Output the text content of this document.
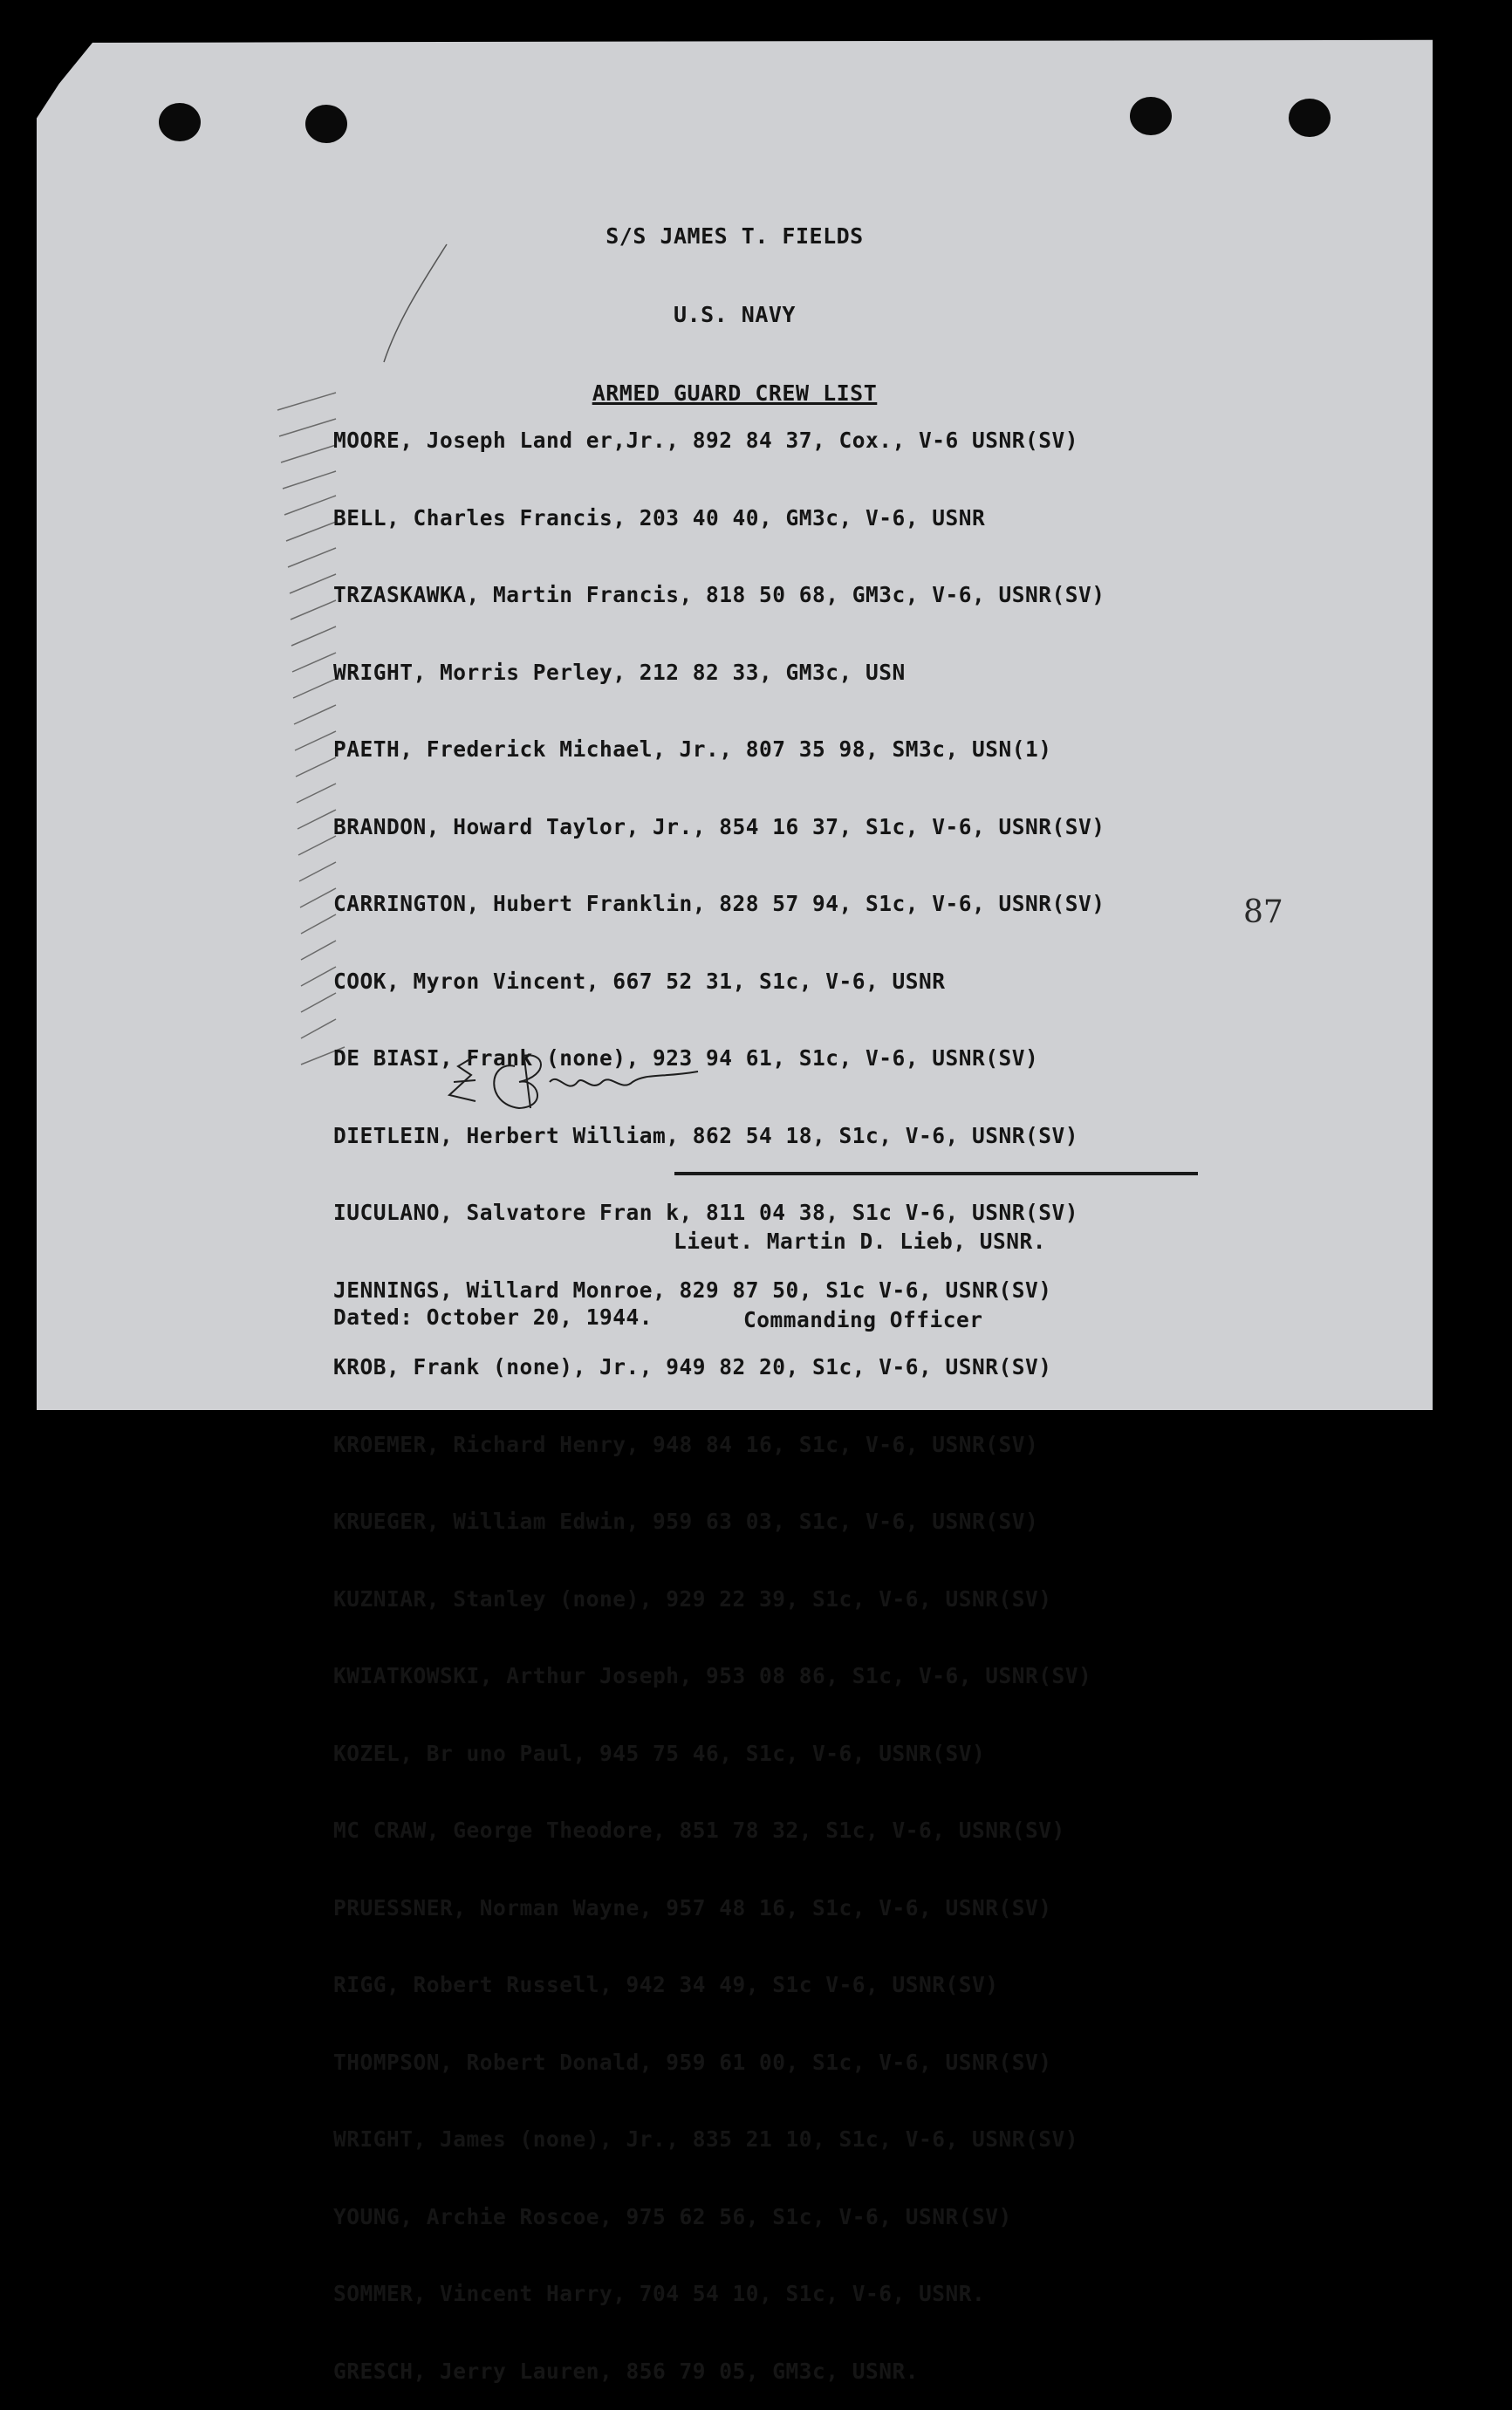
S/S JAMES T. FIELDS

U.S. NAVY

ARMED GUARD CREW LIST

MOORE, Joseph Land er,Jr., 892 84 37, Cox., V-6 USNR(SV)

BELL, Charles Francis, 203 40 40, GM3c, V-6, USNR

TRZASKAWKA, Martin Francis, 818 50 68, GM3c, V-6, USNR(SV)

WRIGHT, Morris Perley, 212 82 33, GM3c, USN

PAETH, Frederick Michael, Jr., 807 35 98, SM3c, USN(1)

BRANDON, Howard Taylor, Jr., 854 16 37, S1c, V-6, USNR(SV)

CARRINGTON, Hubert Franklin, 828 57 94, S1c, V-6, USNR(SV)

COOK, Myron Vincent, 667 52 31, S1c, V-6, USNR

DE BIASI, Frank (none), 923 94 61, S1c, V-6, USNR(SV)

DIETLEIN, Herbert William, 862 54 18, S1c, V-6, USNR(SV)

IUCULANO, Salvatore Fran k, 811 04 38, S1c V-6, USNR(SV)

JENNINGS, Willard Monroe, 829 87 50, S1c V-6, USNR(SV)

KROB, Frank (none), Jr., 949 82 20, S1c, V-6, USNR(SV)

KROEMER, Richard Henry, 948 84 16, S1c, V-6, USNR(SV)

KRUEGER, William Edwin, 959 63 03, S1c, V-6, USNR(SV)

KUZNIAR, Stanley (none), 929 22 39, S1c, V-6, USNR(SV)

KWIATKOWSKI, Arthur Joseph, 953 08 86, S1c, V-6, USNR(SV)

KOZEL, Br uno Paul, 945 75 46, S1c, V-6, USNR(SV)

MC CRAW, George Theodore, 851 78 32, S1c, V-6, USNR(SV)

PRUESSNER, Norman Wayne, 957 48 16, S1c, V-6, USNR(SV)

RIGG, Robert Russell, 942 34 49, S1c V-6, USNR(SV)

THOMPSON, Robert Donald, 959 61 00, S1c, V-6, USNR(SV)

WRIGHT, James (none), Jr., 835 21 10, S1c, V-6, USNR(SV)

YOUNG, Archie Roscoe, 975 62 56, S1c, V-6, USNR(SV)

SOMMER, Vincent Harry, 704 54 10, S1c, V-6, USNR.

GRESCH, Jerry Lauren, 856 79 05, GM3c, USNR.

Lieut. Martin D. Lieb, USNR.

Commanding Officer

Dated: October 20, 1944.
87
